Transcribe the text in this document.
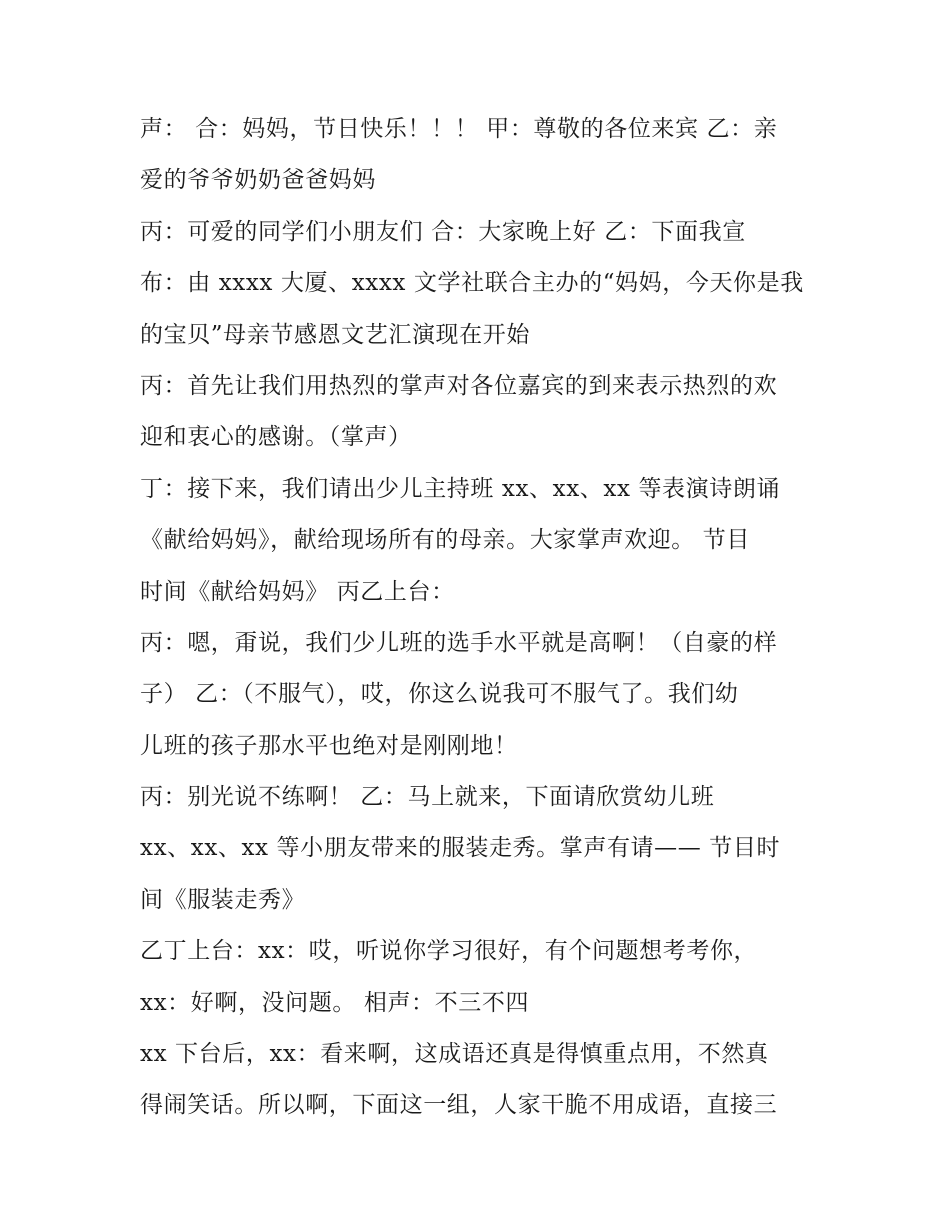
声： 合：妈妈，节日快乐！！！ 甲：尊敬的各位来宾 乙：亲
爱的爷爷奶奶爸爸妈妈
丙：可爱的同学们小朋友们 合：大家晚上好 乙：下面我宣
布：由 xxxx 大厦、xxxx 文学社联合主办的“妈妈，今天你是我
的宝贝”母亲节感恩文艺汇演现在开始
丙：首先让我们用热烈的掌声对各位嘉宾的到来表示热烈的欢
迎和衷心的感谢。（掌声）
丁：接下来，我们请出少儿主持班 xx、xx、xx 等表演诗朗诵
《献给妈妈》，献给现场所有的母亲。大家掌声欢迎。 节目
时间《献给妈妈》 丙乙上台：
丙：嗯，甭说，我们少儿班的选手水平就是高啊！（自豪的样
子） 乙：（不服气），哎，你这么说我可不服气了。我们幼
儿班的孩子那水平也绝对是刚刚地！
丙：别光说不练啊！ 乙：马上就来，下面请欣赏幼儿班
xx、xx、xx 等小朋友带来的服装走秀。掌声有请—— 节目时
间《服装走秀》
乙丁上台：xx：哎，听说你学习很好，有个问题想考考你，
xx：好啊，没问题。 相声：不三不四
xx 下台后，xx：看来啊，这成语还真是得慎重点用，不然真
得闹笑话。所以啊，下面这一组，人家干脆不用成语，直接三
